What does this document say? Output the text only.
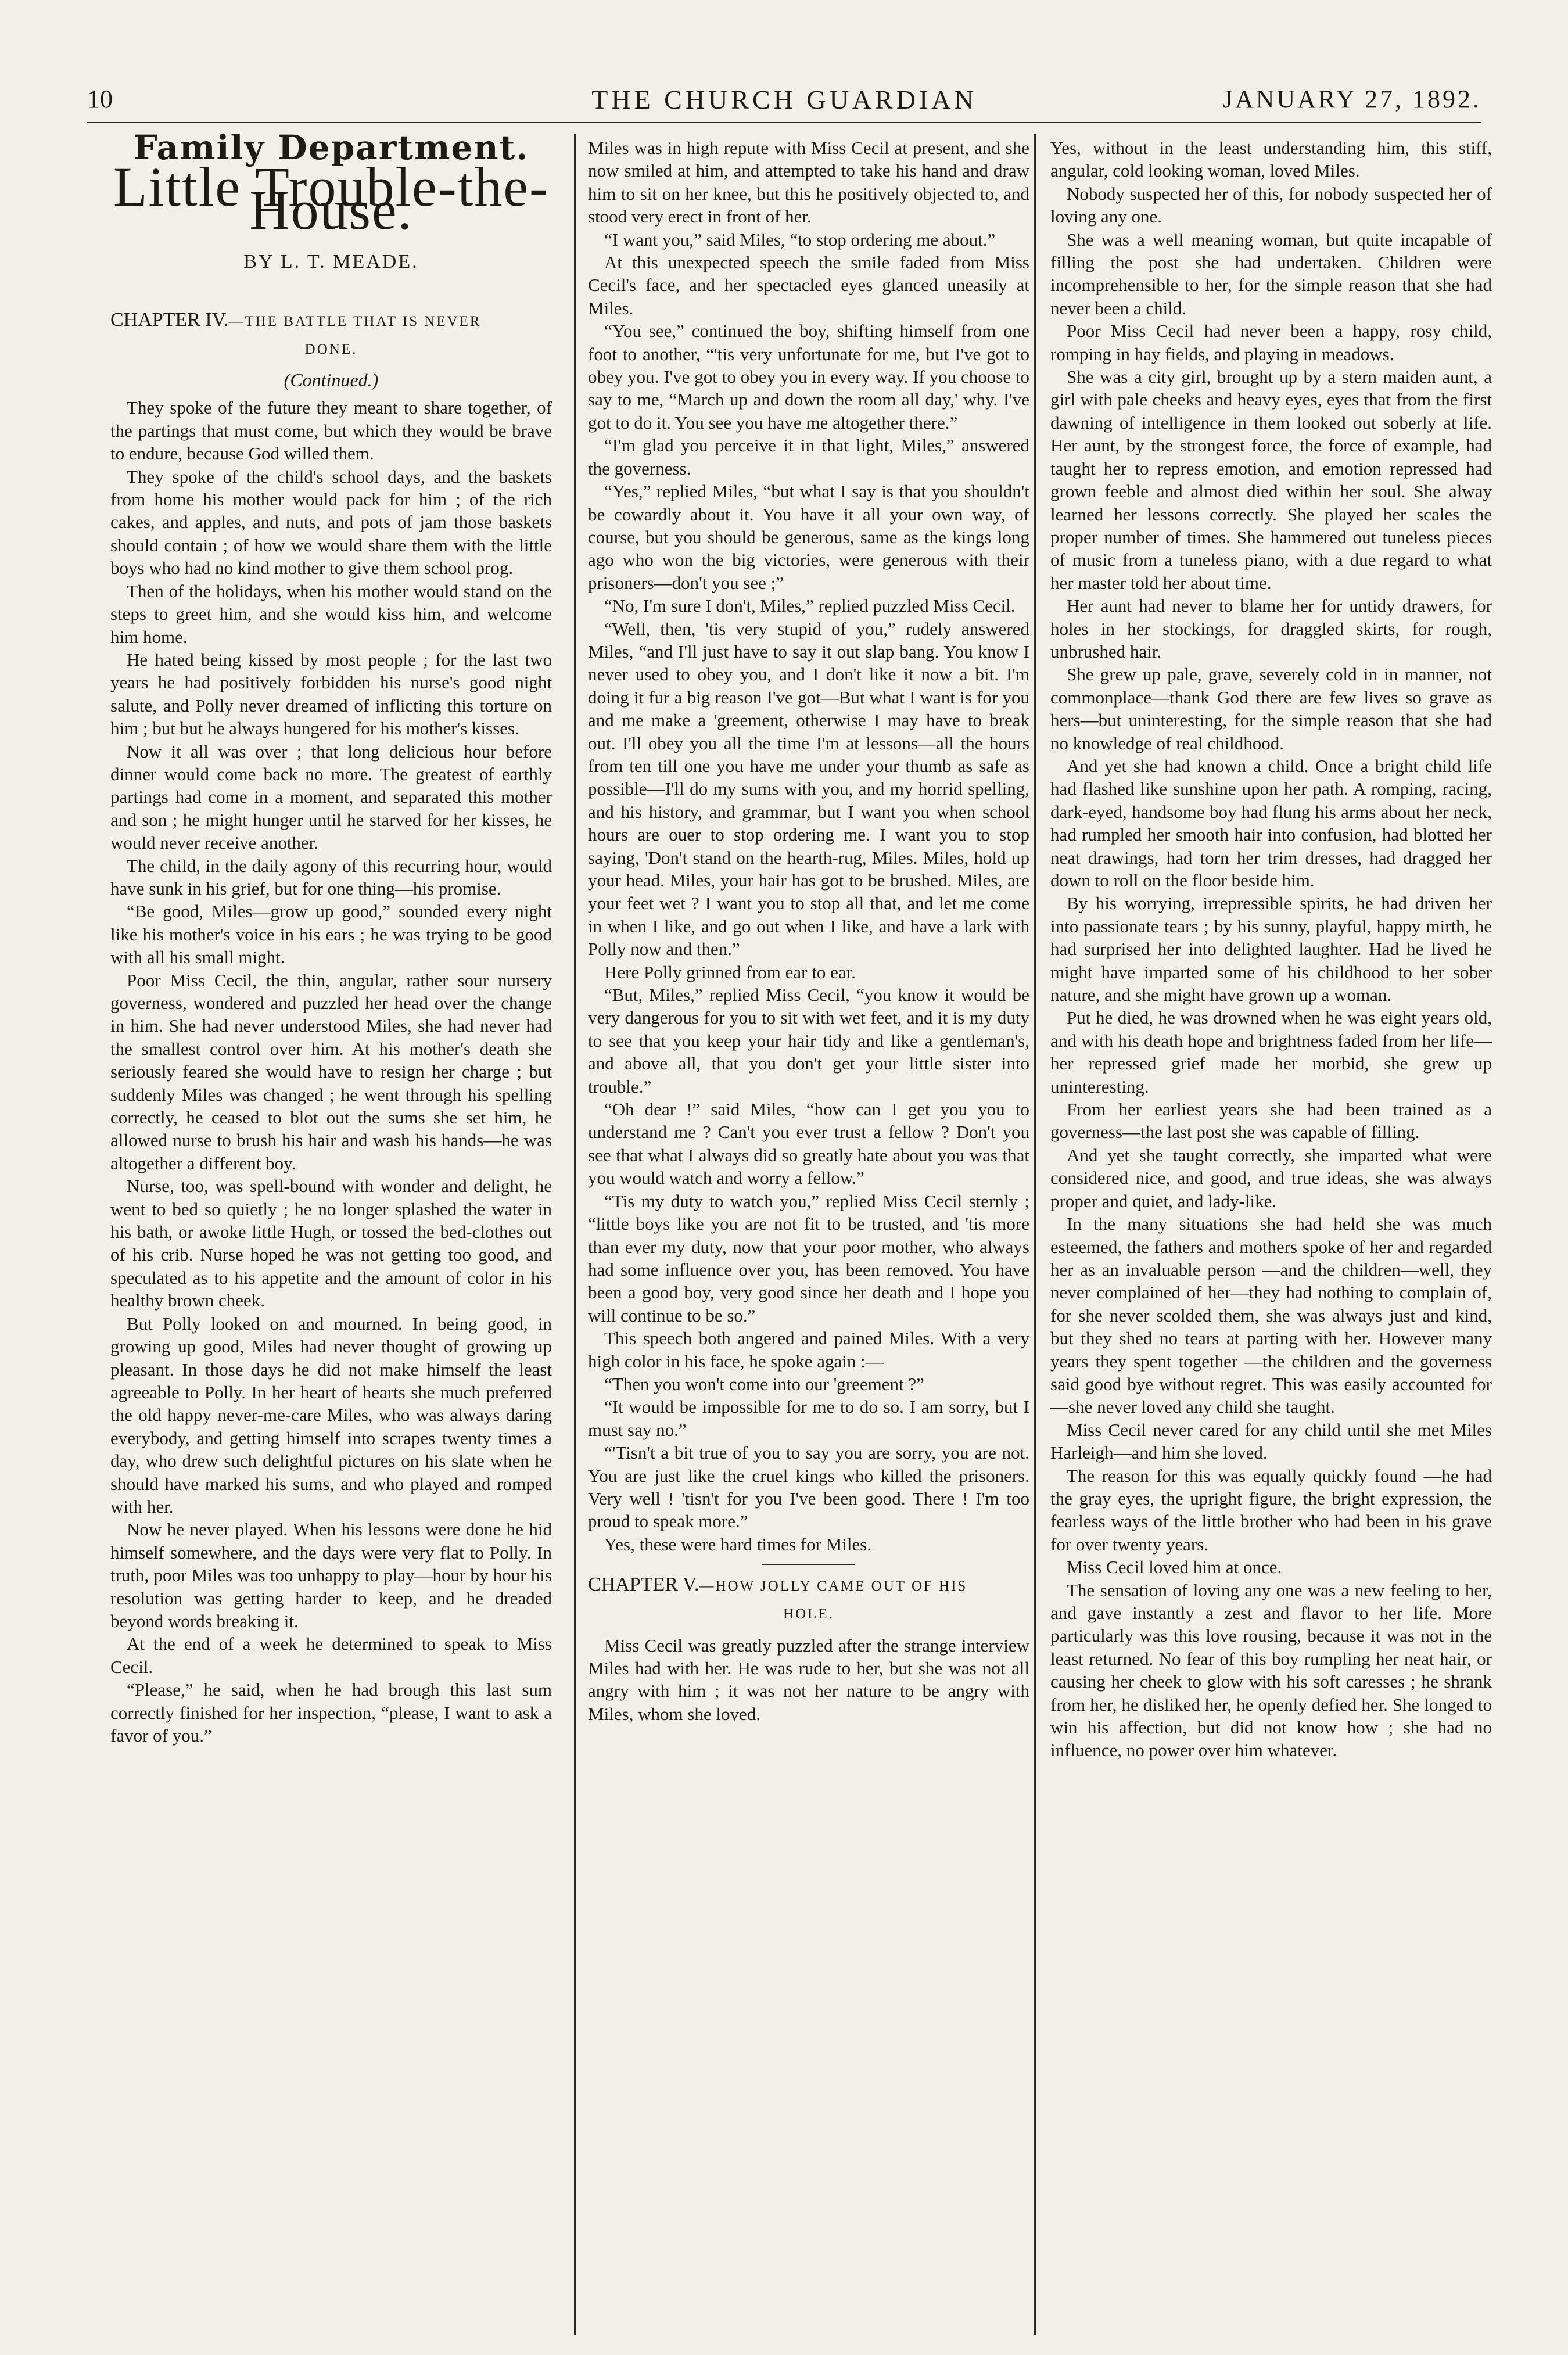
10	THE CHURCH GUARDIAN	JANUARY 27, 1892.
Family Department.
Little Trouble-the-House.
BY L. T. MEADE.
CHAPTER IV.—THE BATTLE THAT IS NEVER
DONE.
(Continued.)

They spoke of the future they meant to share together, of the partings that must come, but which they would be brave to endure, because God willed them.

They spoke of the child's school days, and the baskets from home his mother would pack for him ; of the rich cakes, and apples, and nuts, and pots of jam those baskets should contain ; of how we would share them with the little boys who had no kind mother to give them school prog.

Then of the holidays, when his mother would stand on the steps to greet him, and she would kiss him, and welcome him home.

He hated being kissed by most people ; for the last two years he had positively forbidden his nurse's good night salute, and Polly never dreamed of inflicting this torture on him ; but but he always hungered for his mother's kisses.

Now it all was over ; that long delicious hour before dinner would come back no more. The greatest of earthly partings had come in a moment, and separated this mother and son ; he might hunger until he starved for her kisses, he would never receive another.

The child, in the daily agony of this recurring hour, would have sunk in his grief, but for one thing—his promise.

“Be good, Miles—grow up good,” sounded every night like his mother's voice in his ears ; he was trying to be good with all his small might.

Poor Miss Cecil, the thin, angular, rather sour nursery governess, wondered and puzzled her head over the change in him. She had never understood Miles, she had never had the smallest control over him. At his mother's death she seriously feared she would have to resign her charge ; but suddenly Miles was changed ; he went through his spelling correctly, he ceased to blot out the sums she set him, he allowed nurse to brush his hair and wash his hands—he was altogether a different boy.

Nurse, too, was spell-bound with wonder and delight, he went to bed so quietly ; he no longer splashed the water in his bath, or awoke little Hugh, or tossed the bed-clothes out of his crib. Nurse hoped he was not getting too good, and speculated as to his appetite and the amount of color in his healthy brown cheek.

But Polly looked on and mourned. In being good, in growing up good, Miles had never thought of growing up pleasant. In those days he did not make himself the least agreeable to Polly. In her heart of hearts she much preferred the old happy never-me-care Miles, who was always daring everybody, and getting himself into scrapes twenty times a day, who drew such delightful pictures on his slate when he should have marked his sums, and who played and romped with her.

Now he never played. When his lessons were done he hid himself somewhere, and the days were very flat to Polly. In truth, poor Miles was too unhappy to play—hour by hour his resolution was getting harder to keep, and he dreaded beyond words breaking it.

At the end of a week he determined to speak to Miss Cecil.

“Please,” he said, when he had brough this last sum correctly finished for her inspection, “please, I want to ask a favor of you.”

Miles was in high repute with Miss Cecil at present, and she now smiled at him, and attempted to take his hand and draw him to sit on her knee, but this he positively objected to, and stood very erect in front of her.

“I want you,” said Miles, “to stop ordering me about.”

At this unexpected speech the smile faded from Miss Cecil's face, and her spectacled eyes glanced uneasily at Miles.

“You see,” continued the boy, shifting himself from one foot to another, “'tis very unfortunate for me, but I've got to obey you. I've got to obey you in every way. If you choose to say to me, “March up and down the room all day,' why. I've got to do it. You see you have me altogether there.”

“I'm glad you perceive it in that light, Miles,” answered the governess.

“Yes,” replied Miles, “but what I say is that you shouldn't be cowardly about it. You have it all your own way, of course, but you should be generous, same as the kings long ago who won the big victories, were generous with their prisoners—don't you see ;”

“No, I'm sure I don't, Miles,” replied puzzled Miss Cecil.

“Well, then, 'tis very stupid of you,” rudely answered Miles, “and I'll just have to say it out slap bang. You know I never used to obey you, and I don't like it now a bit. I'm doing it fur a big reason I've got—But what I want is for you and me make a 'greement, otherwise I may have to break out. I'll obey you all the time I'm at lessons—all the hours from ten till one you have me under your thumb as safe as possible—I'll do my sums with you, and my horrid spelling, and his history, and grammar, but I want you when school hours are ouer to stop ordering me. I want you to stop saying, 'Don't stand on the hearth-rug, Miles. Miles, hold up your head. Miles, your hair has got to be brushed. Miles, are your feet wet ? I want you to stop all that, and let me come in when I like, and go out when I like, and have a lark with Polly now and then.”

Here Polly grinned from ear to ear.

“But, Miles,” replied Miss Cecil, “you know it would be very dangerous for you to sit with wet feet, and it is my duty to see that you keep your hair tidy and like a gentleman's, and above all, that you don't get your little sister into trouble.”

“Oh dear !” said Miles, “how can I get you you to understand me ? Can't you ever trust a fellow ? Don't you see that what I always did so greatly hate about you was that you would watch and worry a fellow.”

“Tis my duty to watch you,” replied Miss Cecil sternly ; “little boys like you are not fit to be trusted, and 'tis more than ever my duty, now that your poor mother, who always had some influence over you, has been removed. You have been a good boy, very good since her death and I hope you will continue to be so.”

This speech both angered and pained Miles. With a very high color in his face, he spoke again :—

“Then you won't come into our 'greement ?”

“It would be impossible for me to do so. I am sorry, but I must say no.”

“'Tisn't a bit true of you to say you are sorry, you are not. You are just like the cruel kings who killed the prisoners. Very well ! 'tisn't for you I've been good. There ! I'm too proud to speak more.”

Yes, these were hard times for Miles.

CHAPTER V.—HOW JOLLY CAME OUT OF HIS
HOLE.

Miss Cecil was greatly puzzled after the strange interview Miles had with her. He was rude to her, but she was not all angry with him ; it was not her nature to be angry with Miles, whom she loved.

Yes, without in the least understanding him, this stiff, angular, cold looking woman, loved Miles.

Nobody suspected her of this, for nobody suspected her of loving any one.

She was a well meaning woman, but quite incapable of filling the post she had undertaken. Children were incomprehensible to her, for the simple reason that she had never been a child.

Poor Miss Cecil had never been a happy, rosy child, romping in hay fields, and playing in meadows.

She was a city girl, brought up by a stern maiden aunt, a girl with pale cheeks and heavy eyes, eyes that from the first dawning of intelligence in them looked out soberly at life. Her aunt, by the strongest force, the force of example, had taught her to repress emotion, and emotion repressed had grown feeble and almost died within her soul. She alway learned her lessons correctly. She played her scales the proper number of times. She hammered out tuneless pieces of music from a tuneless piano, with a due regard to what her master told her about time.

Her aunt had never to blame her for untidy drawers, for holes in her stockings, for draggled skirts, for rough, unbrushed hair.

She grew up pale, grave, severely cold in in manner, not commonplace—thank God there are few lives so grave as hers—but uninteresting, for the simple reason that she had no knowledge of real childhood.

And yet she had known a child. Once a bright child life had flashed like sunshine upon her path. A romping, racing, dark-eyed, handsome boy had flung his arms about her neck, had rumpled her smooth hair into confusion, had blotted her neat drawings, had torn her trim dresses, had dragged her down to roll on the floor beside him.

By his worrying, irrepressible spirits, he had driven her into passionate tears ; by his sunny, playful, happy mirth, he had surprised her into delighted laughter. Had he lived he might have imparted some of his childhood to her sober nature, and she might have grown up a woman.

Put he died, he was drowned when he was eight years old, and with his death hope and brightness faded from her life—her repressed grief made her morbid, she grew up uninteresting.

From her earliest years she had been trained as a governess—the last post she was capable of filling.

And yet she taught correctly, she imparted what were considered nice, and good, and true ideas, she was always proper and quiet, and lady-like.

In the many situations she had held she was much esteemed, the fathers and mothers spoke of her and regarded her as an invaluable person —and the children—well, they never complained of her—they had nothing to complain of, for she never scolded them, she was always just and kind, but they shed no tears at parting with her. However many years they spent together —the children and the governess said good bye without regret. This was easily accounted for —she never loved any child she taught.

Miss Cecil never cared for any child until she met Miles Harleigh—and him she loved.

The reason for this was equally quickly found —he had the gray eyes, the upright figure, the bright expression, the fearless ways of the little brother who had been in his grave for over twenty years.

Miss Cecil loved him at once.

The sensation of loving any one was a new feeling to her, and gave instantly a zest and flavor to her life. More particularly was this love rousing, because it was not in the least returned. No fear of this boy rumpling her neat hair, or causing her cheek to glow with his soft caresses ; he shrank from her, he disliked her, he openly defied her. She longed to win his affection, but did not know how ; she had no influence, no power over him whatever.
